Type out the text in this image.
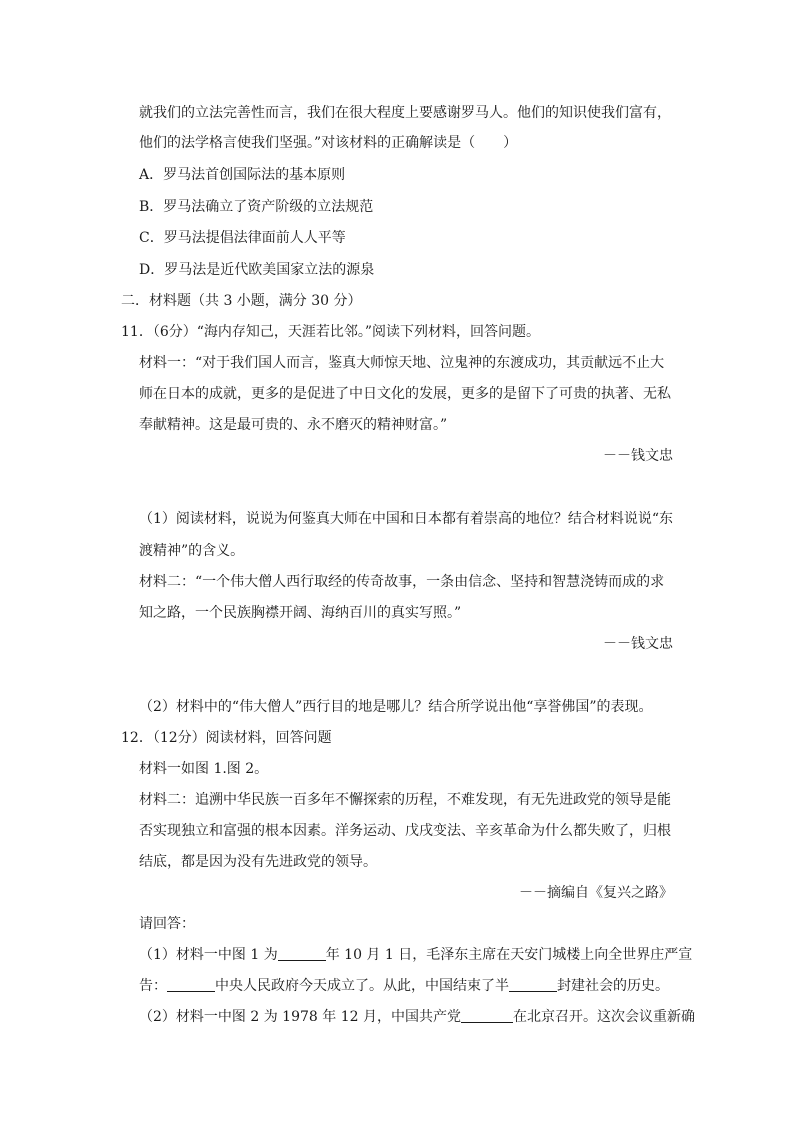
就我们的立法完善性而言，我们在很大程度上要感谢罗马人。他们的知识使我们富有，
他们的法学格言使我们坚强。”对该材料的正确解读是（　　）
A．罗马法首创国际法的基本原则
B．罗马法确立了资产阶级的立法规范
C．罗马法提倡法律面前人人平等
D．罗马法是近代欧美国家立法的源泉
二．材料题（共 3 小题，满分 30 分）
11．（6分）“海内存知己，天涯若比邻。”阅读下列材料，回答问题。
材料一：“对于我们国人而言，鉴真大师惊天地、泣鬼神的东渡成功，其贡献远不止大
师在日本的成就，更多的是促进了中日文化的发展，更多的是留下了可贵的执著、无私
奉献精神。这是最可贵的、永不磨灭的精神财富。”
－－钱文忠
（1）阅读材料，说说为何鉴真大师在中国和日本都有着崇高的地位？结合材料说说“东
渡精神”的含义。
材料二：“一个伟大僧人西行取经的传奇故事，一条由信念、坚持和智慧浇铸而成的求
知之路，一个民族胸襟开阔、海纳百川的真实写照。”
－－钱文忠
（2）材料中的“伟大僧人”西行目的地是哪儿？结合所学说出他“享誉佛国”的表现。
12．（12分）阅读材料，回答问题
材料一如图 1.图 2。
材料二：追溯中华民族一百多年不懈探索的历程，不难发现，有无先进政党的领导是能
否实现独立和富强的根本因素。洋务运动、戊戌变法、辛亥革命为什么都失败了，归根
结底，都是因为没有先进政党的领导。
－－摘编自《复兴之路》
请回答：
（1）材料一中图 1 为	年 10 月 1 日，毛泽东主席在天安门城楼上向全世界庄严宣
告：	中央人民政府今天成立了。从此，中国结束了半	封建社会的历史。
（2）材料一中图 2 为 1978 年 12 月，中国共产党	在北京召开。这次会议重新确
